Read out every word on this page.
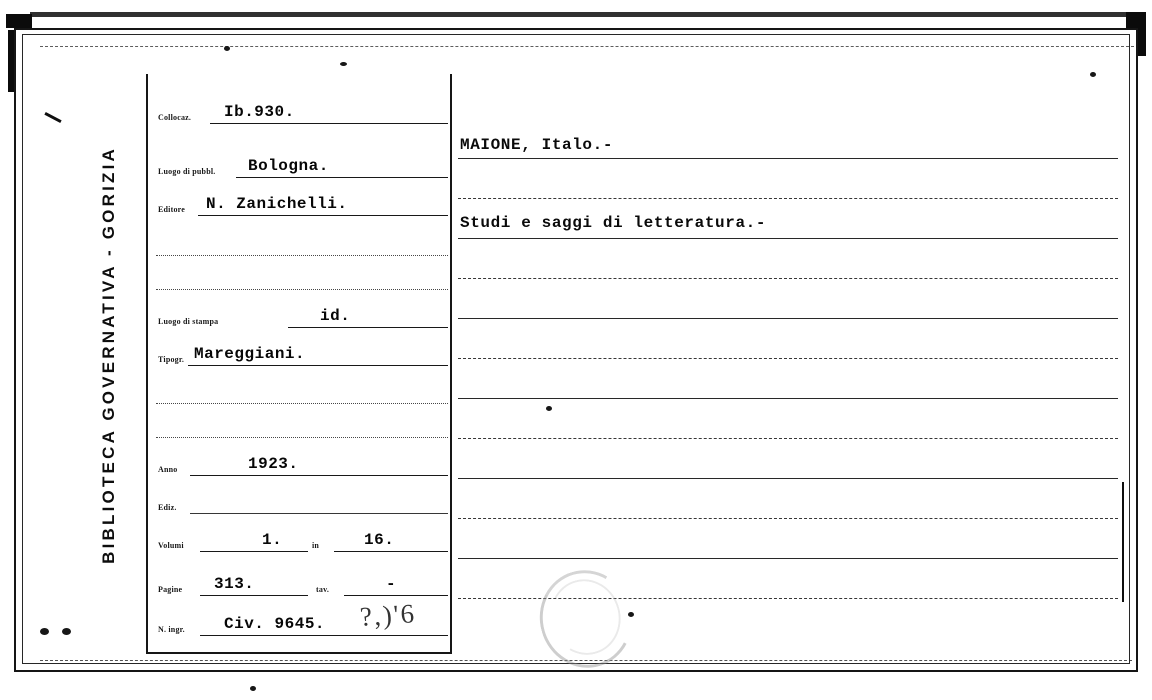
BIBLIOTECA GOVERNATIVA - GORIZIA
Collocaz. Ib.930.
Luogo di pubbl. Bologna.
Editore N. Zanichelli.
Luogo di stampa	id.
Tipogr. Mareggiani.
Anno	1923.
Ediz.
Volumi	1.	in	16.
Pagine 313.	tav.	-
N. ingr. Civ. 9645. ?,)'6
MAIONE, Italo.-
Studi e saggi di letteratura.-
